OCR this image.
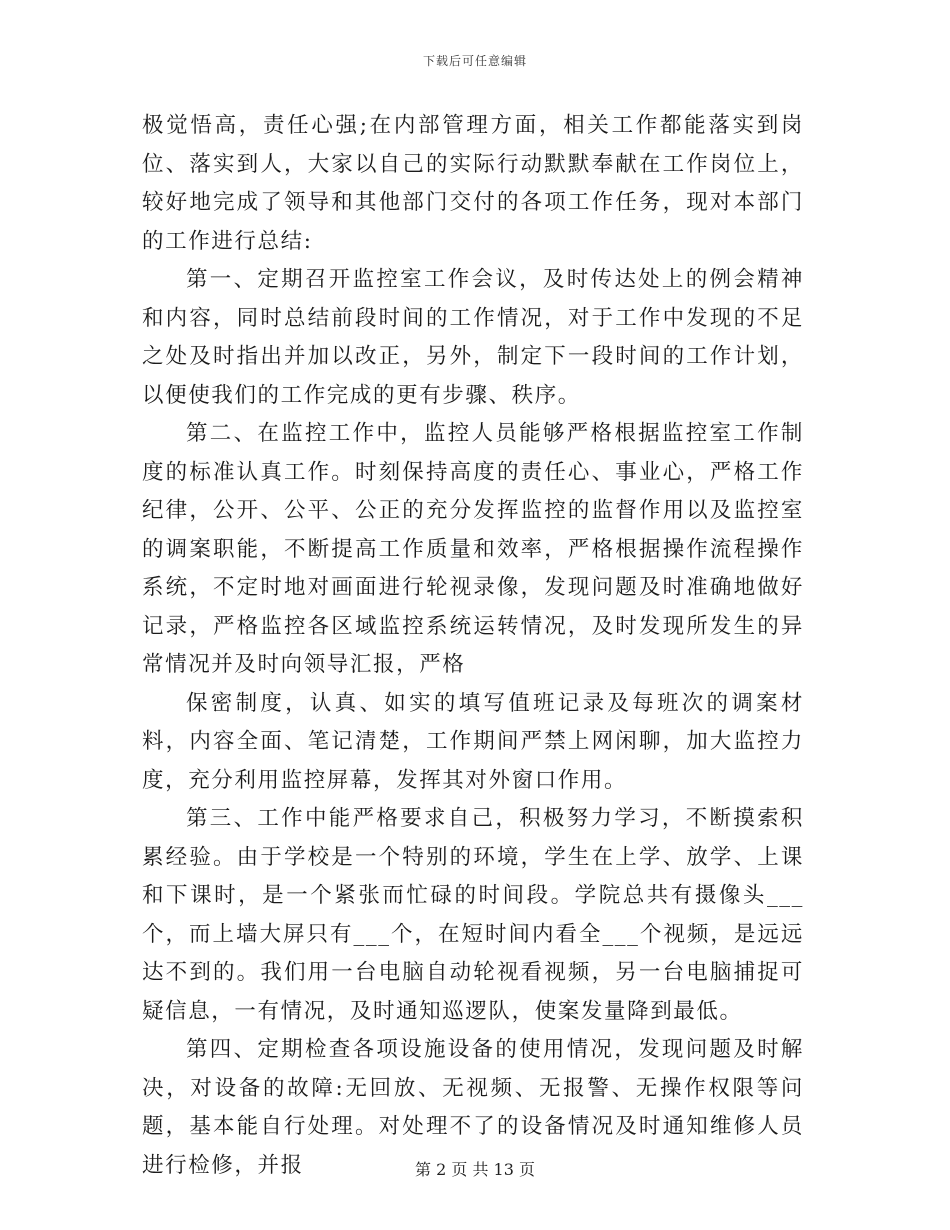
下载后可任意编辑

极觉悟高，责任心强;在内部管理方面，相关工作都能落实到岗位、落实到人，大家以自己的实际行动默默奉献在工作岗位上，较好地完成了领导和其他部门交付的各项工作任务，现对本部门的工作进行总结:

第一、定期召开监控室工作会议，及时传达处上的例会精神和内容，同时总结前段时间的工作情况，对于工作中发现的不足之处及时指出并加以改正，另外，制定下一段时间的工作计划，以便使我们的工作完成的更有步骤、秩序。

第二、在监控工作中，监控人员能够严格根据监控室工作制度的标准认真工作。时刻保持高度的责任心、事业心，严格工作纪律，公开、公平、公正的充分发挥监控的监督作用以及监控室的调案职能，不断提高工作质量和效率，严格根据操作流程操作系统，不定时地对画面进行轮视录像，发现问题及时准确地做好记录，严格监控各区域监控系统运转情况，及时发现所发生的异常情况并及时向领导汇报，严格

保密制度，认真、如实的填写值班记录及每班次的调案材料，内容全面、笔记清楚，工作期间严禁上网闲聊，加大监控力度，充分利用监控屏幕，发挥其对外窗口作用。

第三、工作中能严格要求自己，积极努力学习，不断摸索积累经验。由于学校是一个特别的环境，学生在上学、放学、上课和下课时，是一个紧张而忙碌的时间段。学院总共有摄像头___个，而上墙大屏只有___个，在短时间内看全___个视频，是远远达不到的。我们用一台电脑自动轮视看视频，另一台电脑捕捉可疑信息，一有情况，及时通知巡逻队，使案发量降到最低。

第四、定期检查各项设施设备的使用情况，发现问题及时解决，对设备的故障:无回放、无视频、无报警、无操作权限等问题，基本能自行处理。对处理不了的设备情况及时通知维修人员进行检修，并报	第 2 页 共 13 页
